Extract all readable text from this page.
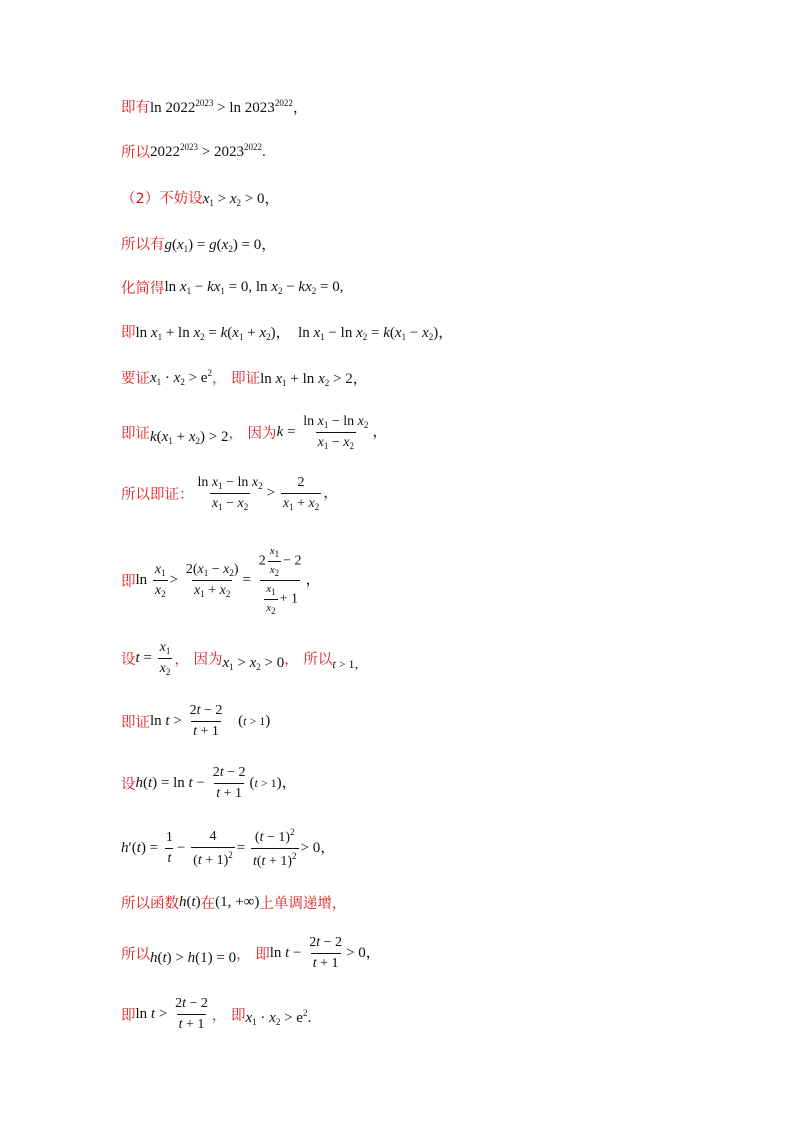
即有 $\ln 2022^{2023} > \ln 2023^{2022}$，
所以 $2022^{2023} > 2023^{2022}$.
（2）不妨设 $x_1 > x_2 > 0$，
所以有 $g(x_1) = g(x_2) = 0$，
化简得 $\ln x_1 - kx_1 = 0$, $\ln x_2 - kx_2 = 0$,
即 $\ln x_1 + \ln x_2 = k(x_1 + x_2)$，  $\ln x_1 - \ln x_2 = k(x_1 - x_2)$，
要证 $x_1 \cdot x_2 > e^2$ ， 即证 $\ln x_1 + \ln x_2 > 2$，
即证 $k(x_1 + x_2) > 2$ ， 因为 $k = \frac{\ln x_1 - \ln x_2}{x_1 - x_2}$ ，
所以即证： $\frac{\ln x_1 - \ln x_2}{x_1 - x_2} > \frac{2}{x_1 + x_2}$ ，
即 $\ln \frac{x_1}{x_2} > \frac{2(x_1 - x_2)}{x_1 + x_2} = \frac{2 \frac{x_1}{x_2} - 2}{\frac{x_1}{x_2} + 1}$ ，
设 $t = \frac{x_1}{x_2}$ ， 因为 $x_1 > x_2 > 0$ ， 所以 t > 1，
即证 $\ln t > \frac{2t - 2}{t + 1} (t > 1)$
设 $h(t) = \ln t - \frac{2t - 2}{t + 1} (t > 1)$，
$h'(t) = \frac{1}{t} - \frac{4}{(t + 1)^2} = \frac{(t - 1)^2}{t(t + 1)^2} > 0$，
所以函数 h(t) 在 (1, +∞) 上单调递增，
所以 h(t) > h(1) = 0 ， 即 $\ln t - \frac{2t - 2}{t + 1} > 0$，
即 $\ln t > \frac{2t - 2}{t + 1}$ ， 即 $x_1 \cdot x_2 > e^2$.
